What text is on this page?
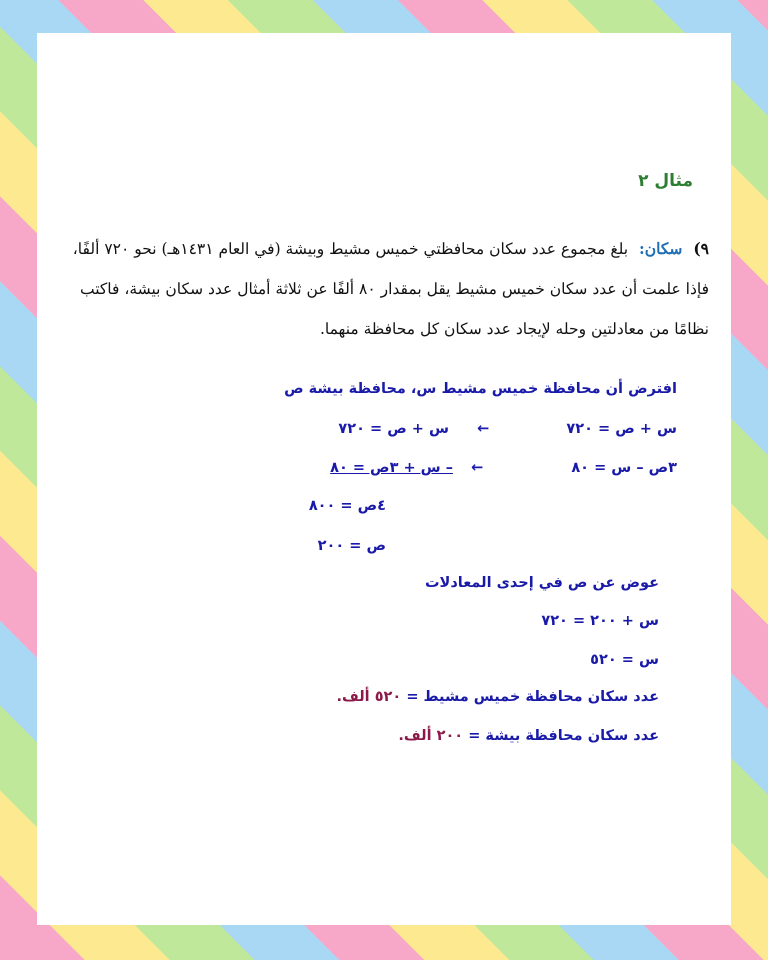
مثال ٢
٩) سكان: بلغ مجموع عدد سكان محافظتي خميس مشيط وبيشة (في العام ١٤٣١هـ) نحو ٧٢٠ ألفًا،
فإذا علمت أن عدد سكان خميس مشيط يقل بمقدار ٨٠ ألفًا عن ثلاثة أمثال عدد سكان بيشة، فاكتب
نظامًا من معادلتين وحله لإيجاد عدد سكان كل محافظة منهما.
افترض أن محافظة خميس مشيط س، محافظة بيشة ص
س + ص = ٧٢٠
←
س + ص = ٧٢٠
٣ص – س = ٨٠
←
– س + ٣ص = ٨٠
٤ص = ٨٠٠
ص = ٢٠٠
عوض عن ص في إحدى المعادلات
س + ٢٠٠ = ٧٢٠
س = ٥٢٠
عدد سكان محافظة خميس مشيط = ٥٢٠ ألف.
عدد سكان محافظة بيشة = ٢٠٠ ألف.
